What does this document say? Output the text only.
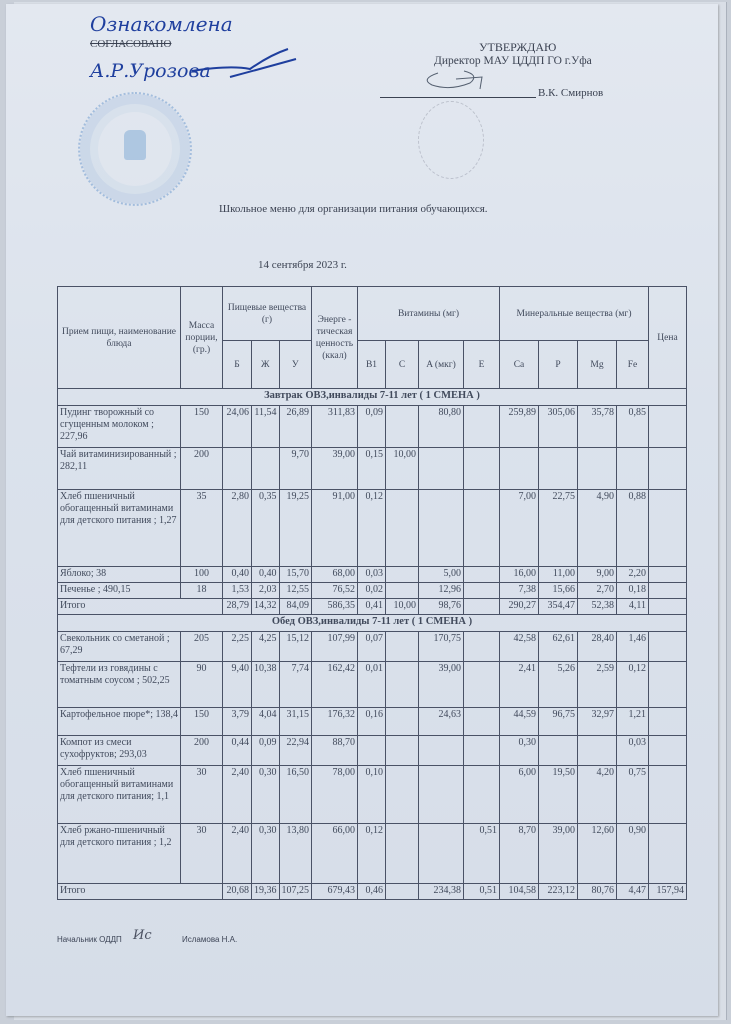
Ознакомлена
СОГЛАСОВАНО
А.Р.Урозова
УТВЕРЖДАЮ
Директор МАУ ЦДДП ГО г.Уфа
В.К. Смирнов
Школьное меню для организации питания обучающихся.
14 сентября 2023 г.
Прием пищи, наименование блюда	Масса порции, (гр.)	Пищевые вещества (г)			Энерге - тическая ценность (ккал)	Витамины (мг)				Минеральные вещества (мг)				Цена
		Б	Ж	У		B1	C	A (мкг)	E	Ca	P	Mg	Fe	
Завтрак ОВЗ,инвалиды 7-11 лет ( 1 СМЕНА )														
Пудинг творожный со сгущенным молоком ; 227,96	150	24,06	11,54	26,89	311,83	0,09		80,80		259,89	305,06	35,78	0,85	
Чай витаминизированный ; 282,11	200			9,70	39,00	0,15	10,00							
Хлеб пшеничный обогащенный витаминами для детского питания ; 1,27	35	2,80	0,35	19,25	91,00	0,12				7,00	22,75	4,90	0,88	
Яблоко; 38	100	0,40	0,40	15,70	68,00	0,03		5,00		16,00	11,00	9,00	2,20	
Печенье ; 490,15	18	1,53	2,03	12,55	76,52	0,02		12,96		7,38	15,66	2,70	0,18	
Итого		28,79	14,32	84,09	586,35	0,41	10,00	98,76		290,27	354,47	52,38	4,11	
Обед ОВЗ,инвалиды 7-11 лет ( 1 СМЕНА )														
Свекольник со сметаной ; 67,29	205	2,25	4,25	15,12	107,99	0,07		170,75		42,58	62,61	28,40	1,46	
Тефтели из говядины с томатным соусом ; 502,25	90	9,40	10,38	7,74	162,42	0,01		39,00		2,41	5,26	2,59	0,12	
Картофельное пюре*; 138,4	150	3,79	4,04	31,15	176,32	0,16		24,63		44,59	96,75	32,97	1,21	
Компот из смеси сухофруктов; 293,03	200	0,44	0,09	22,94	88,70					0,30			0,03	
Хлеб пшеничный обогащенный витаминами для детского питания; 1,1	30	2,40	0,30	16,50	78,00	0,10				6,00	19,50	4,20	0,75	
Хлеб ржано-пшеничный для детского питания ; 1,2	30	2,40	0,30	13,80	66,00	0,12			0,51	8,70	39,00	12,60	0,90	
Итого		20,68	19,36	107,25	679,43	0,46		234,38	0,51	104,58	223,12	80,76	4,47	157,94
Начальник ОДДП Ис	Исламова Н.А.
